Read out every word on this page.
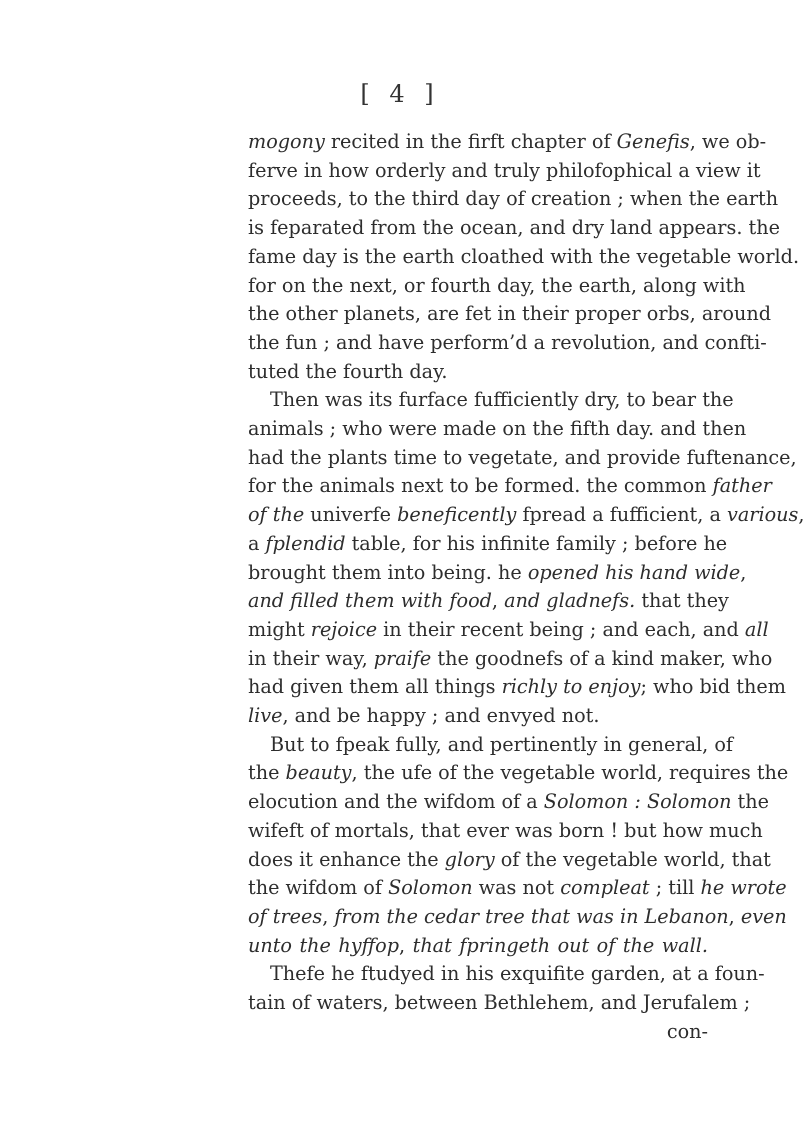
[ 4 ]
mogony recited in the firft chapter of Genefis, we ob-
ferve in how orderly and truly philofophical a view it
proceeds, to the third day of creation ; when the earth
is feparated from the ocean, and dry land appears. the
fame day is the earth cloathed with the vegetable world.
for on the next, or fourth day, the earth, along with
the other planets, are fet in their proper orbs, around
the fun ; and have perform’d a revolution, and confti-
tuted the fourth day.
Then was its furface fufficiently dry, to bear the
animals ; who were made on the fifth day. and then
had the plants time to vegetate, and provide fuftenance,
for the animals next to be formed. the common father
of the univerfe beneficently fpread a fufficient, a various,
a fplendid table, for his infinite family ; before he
brought them into being. he opened his hand wide,
and filled them with food, and gladnefs. that they
might rejoice in their recent being ; and each, and all
in their way, praife the goodnefs of a kind maker, who
had given them all things richly to enjoy; who bid them
live, and be happy ; and envyed not.
But to fpeak fully, and pertinently in general, of
the beauty, the ufe of the vegetable world, requires the
elocution and the wifdom of a Solomon : Solomon the
wifeft of mortals, that ever was born ! but how much
does it enhance the glory of the vegetable world, that
the wifdom of Solomon was not compleat ; till he wrote
of trees, from the cedar tree that was in Lebanon, even
unto the hyffop, that fpringeth out of the wall.
Thefe he ftudyed in his exquifite garden, at a foun-
tain of waters, between Bethlehem, and Jerufalem ;
con-
